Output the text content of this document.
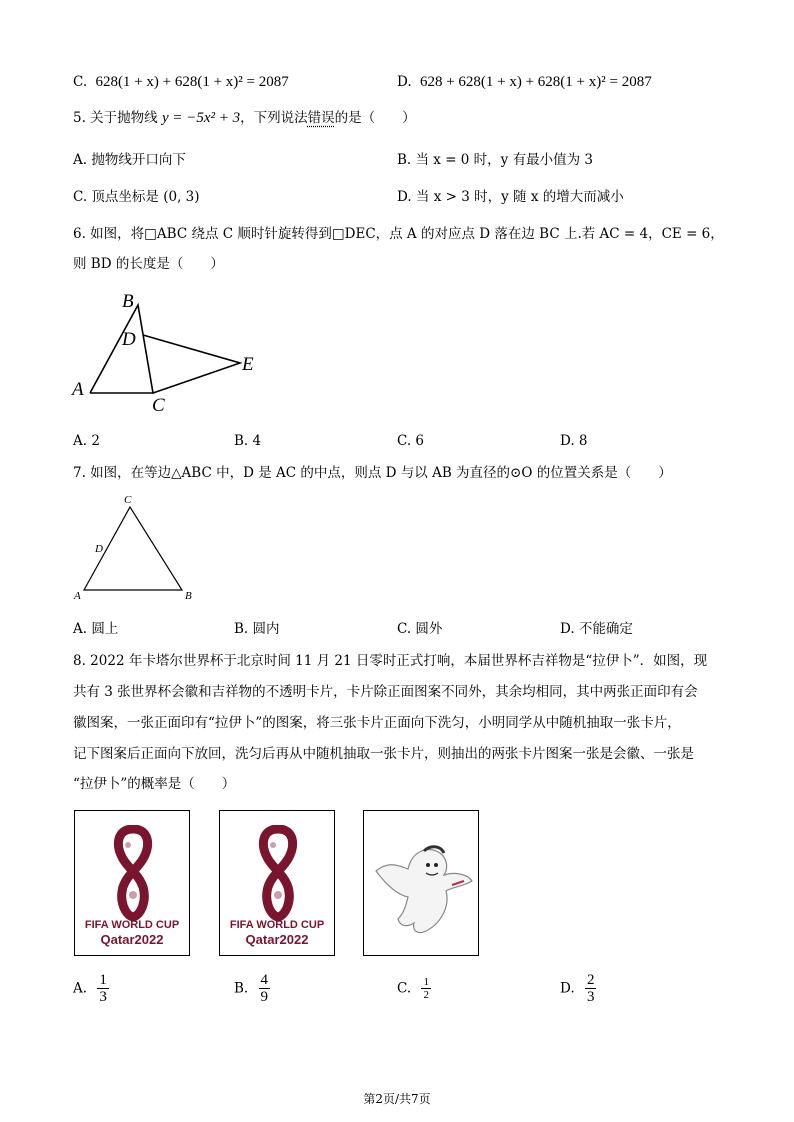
C. 628(1 + x) + 628(1 + x)² = 2087	D. 628 + 628(1 + x) + 628(1 + x)² = 2087
5. 关于抛物线 y = −5x² + 3，下列说法错误的是（　　）
A. 抛物线开口向下	B. 当 x = 0 时，y 有最小值为 3
C. 顶点坐标是 (0, 3)	D. 当 x > 3 时，y 随 x 的增大而减小
6. 如图，将□ABC 绕点 C 顺时针旋转得到□DEC，点 A 的对应点 D 落在边 BC 上.若 AC = 4，CE = 6，
则 BD 的长度是（　　）
B
D
E
A
C
A. 2	B. 4	C. 6	D. 8
7. 如图，在等边△ABC 中，D 是 AC 的中点，则点 D 与以 AB 为直径的⊙O 的位置关系是（　　）
C
D
A	B
A. 圆上	B. 圆内	C. 圆外	D. 不能确定
8. 2022 年卡塔尔世界杯于北京时间 11 月 21 日零时正式打响，本届世界杯吉祥物是“拉伊卜”．如图，现
共有 3 张世界杯会徽和吉祥物的不透明卡片，卡片除正面图案不同外，其余均相同，其中两张正面印有会
徽图案，一张正面印有“拉伊卜”的图案，将三张卡片正面向下洗匀，小明同学从中随机抽取一张卡片，
记下图案后正面向下放回，洗匀后再从中随机抽取一张卡片，则抽出的两张卡片图案一张是会徽、一张是
“拉伊卜”的概率是（　　）
FIFA WORLD CUP
Qatar2022
FIFA WORLD CUP
Qatar2022
A. $\frac{1}{3}$	B. $\frac{4}{9}$	C. $\frac{1}{2}$	D. $\frac{2}{3}$
第2页/共7页
